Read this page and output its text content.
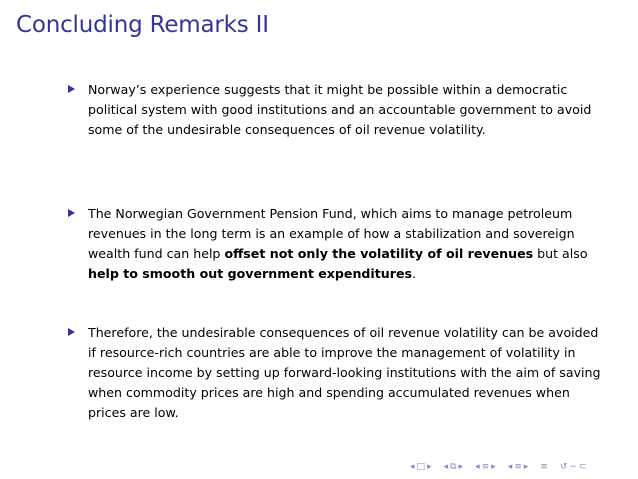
Concluding Remarks II
Norway’s experience suggests that it might be possible within a democratic political system with good institutions and an accountable government to avoid some of the undesirable consequences of oil revenue volatility.
The Norwegian Government Pension Fund, which aims to manage petroleum revenues in the long term is an example of how a stabilization and sovereign wealth fund can help offset not only the volatility of oil revenues but also help to smooth out government expenditures.
Therefore, the undesirable consequences of oil revenue volatility can be avoided if resource-rich countries are able to improve the management of volatility in resource income by setting up forward-looking institutions with the aim of saving when commodity prices are high and spending accumulated revenues when prices are low.
◂ □ ▸ ◂ ⧉ ▸ ◂ ≡ ▸ ◂ ≡ ▸ ≡ ↺ ∽ ⊂
